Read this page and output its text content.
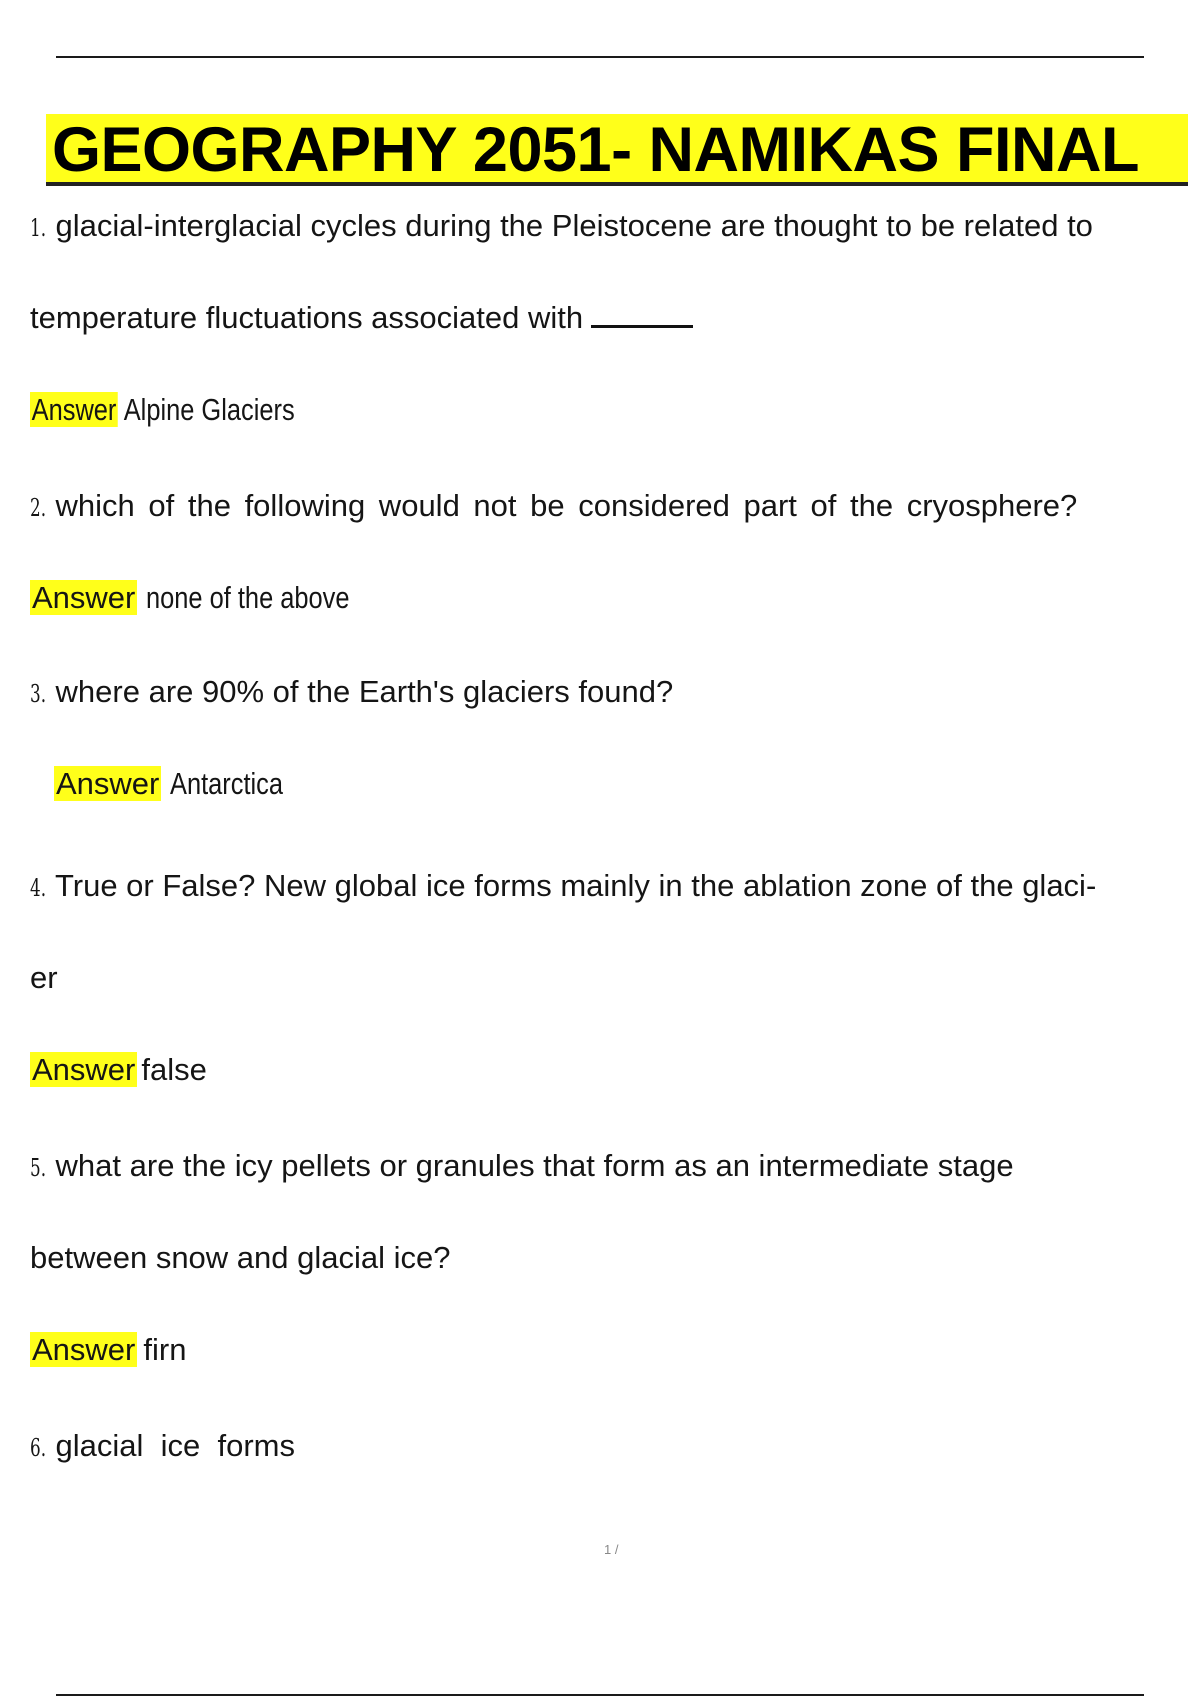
GEOGRAPHY 2051- NAMIKAS FINAL
1. glacial-interglacial cycles during the Pleistocene are thought to be related to
temperature fluctuations associated with
Answer Alpine Glaciers
2. which of the following would not be considered part of the cryosphere?
Answer none of the above
3. where are 90% of the Earth's glaciers found?
Answer Antarctica
4. True or False? New global ice forms mainly in the ablation zone of the glaci-
er
Answer false
5. what are the icy pellets or granules that form as an intermediate stage
between snow and glacial ice?
Answer firn
6. glacial  ice  forms
1 /
